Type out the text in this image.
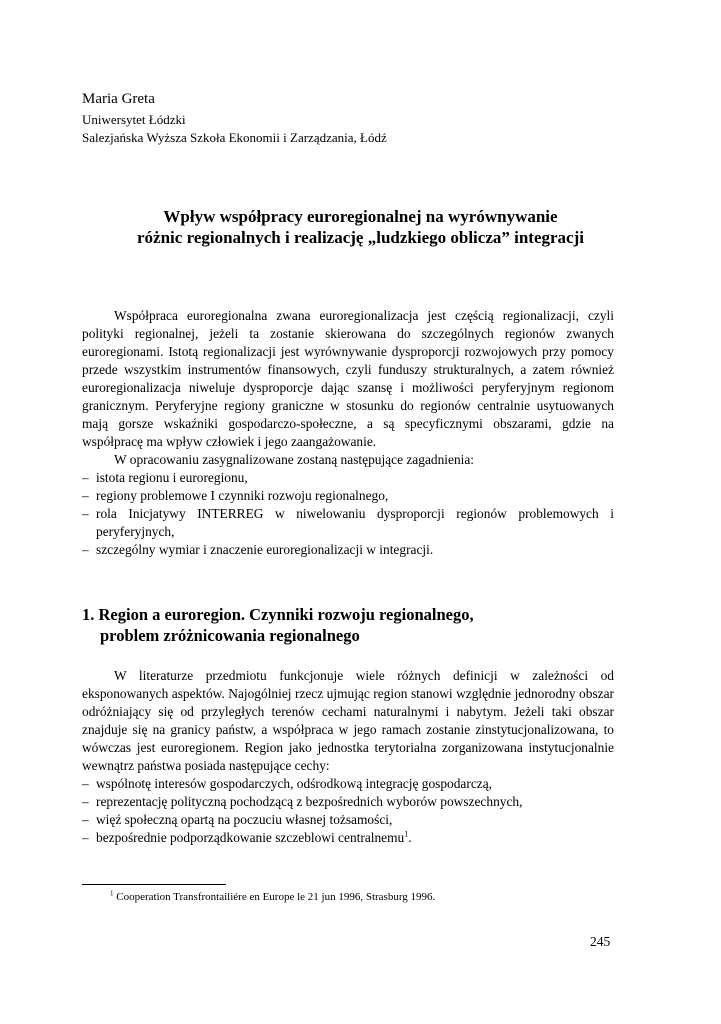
Maria Greta
Uniwersytet Łódzki
Salezjańska Wyższa Szkoła Ekonomii i Zarządzania, Łódź
Wpływ współpracy euroregionalnej na wyrównywanie
różnic regionalnych i realizację „ludzkiego oblicza” integracji

Współpraca euroregionalna zwana euroregionalizacja jest częścią regionalizacji, czyli polityki regionalnej, jeżeli ta zostanie skierowana do szczególnych regionów zwanych euroregionami. Istotą regionalizacji jest wyrównywanie dysproporcji rozwojowych przy pomocy przede wszystkim instrumentów finansowych, czyli funduszy strukturalnych, a zatem również euroregionalizacja niweluje dysproporcje dając szansę i możliwości peryferyjnym regionom granicznym. Peryferyjne regiony graniczne w stosunku do regionów centralnie usytuowanych mają gorsze wskaźniki gospodarczo-społeczne, a są specyficznymi obszarami, gdzie na współpracę ma wpływ człowiek i jego zaangażowanie.

W opracowaniu zasygnalizowane zostaną następujące zagadnienia:

– istota regionu i euroregionu,
– regiony problemowe I czynniki rozwoju regionalnego,
– rola Inicjatywy INTERREG w niwelowaniu dysproporcji regionów problemowych i peryferyjnych,
– szczególny wymiar i znaczenie euroregionalizacji w integracji.
1. Region a euroregion. Czynniki rozwoju regionalnego,
problem zróżnicowania regionalnego

W literaturze przedmiotu funkcjonuje wiele różnych definicji w zależności od eksponowanych aspektów. Najogólniej rzecz ujmując region stanowi względnie jednorodny obszar odróżniający się od przyległych terenów cechami naturalnymi i nabytym. Jeżeli taki obszar znajduje się na granicy państw, a współpraca w jego ramach zostanie zinstytucjonalizowana, to wówczas jest euroregionem. Region jako jednostka terytorialna zorganizowana instytucjonalnie wewnątrz państwa posiada następujące cechy:

– wspólnotę interesów gospodarczych, odśrodkową integrację gospodarczą,
– reprezentację polityczną pochodzącą z bezpośrednich wyborów powszechnych,
– więź społeczną opartą na poczuciu własnej tożsamości,
– bezpośrednie podporządkowanie szczeblowi centralnemu$^1$.
$^1$ Cooperation Transfrontailiére en Europe le 21 jun 1996, Strasburg 1996.
245
